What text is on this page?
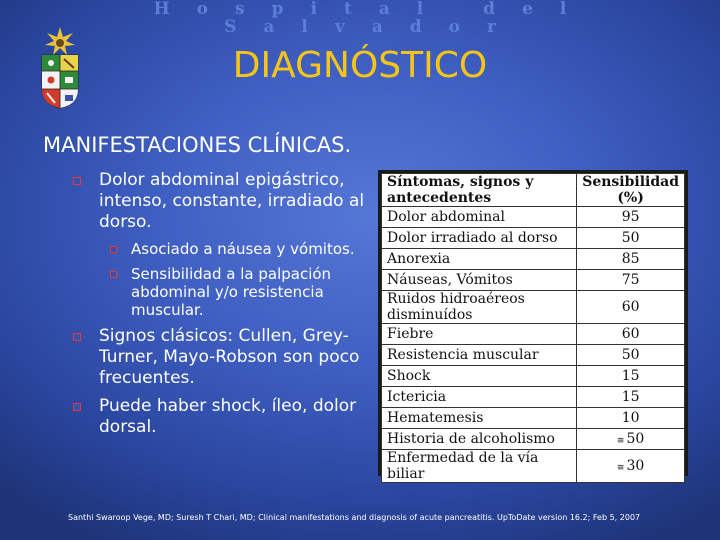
Hospital del Salvador
DIAGNÓSTICO
MANIFESTACIONES CLÍNICAS.
Dolor abdominal epigástrico, intenso, constante, irradiado al dorso.
Asociado a náusea y vómitos.
Sensibilidad a la palpación abdominal y/o resistencia muscular.
Signos clásicos: Cullen, Grey-Turner, Mayo-Robson son poco frecuentes.
Puede haber shock, íleo, dolor dorsal.
Síntomas, signos y antecedentes	Sensibilidad (%)
Dolor abdominal	95
Dolor irradiado al dorso	50
Anorexia	85
Náuseas, Vómitos	75
Ruidos hidroaéreos disminuídos	60
Fiebre	60
Resistencia muscular	50
Shock	15
Ictericia	15
Hematemesis	10
Historia de alcoholismo	≅ 50
Enfermedad de la vía biliar	≅ 30
Santhi Swaroop Vege, MD; Suresh T Chari, MD; Clinical manifestations and diagnosis of acute pancreatitis. UpToDate version 16.2; Feb 5, 2007
